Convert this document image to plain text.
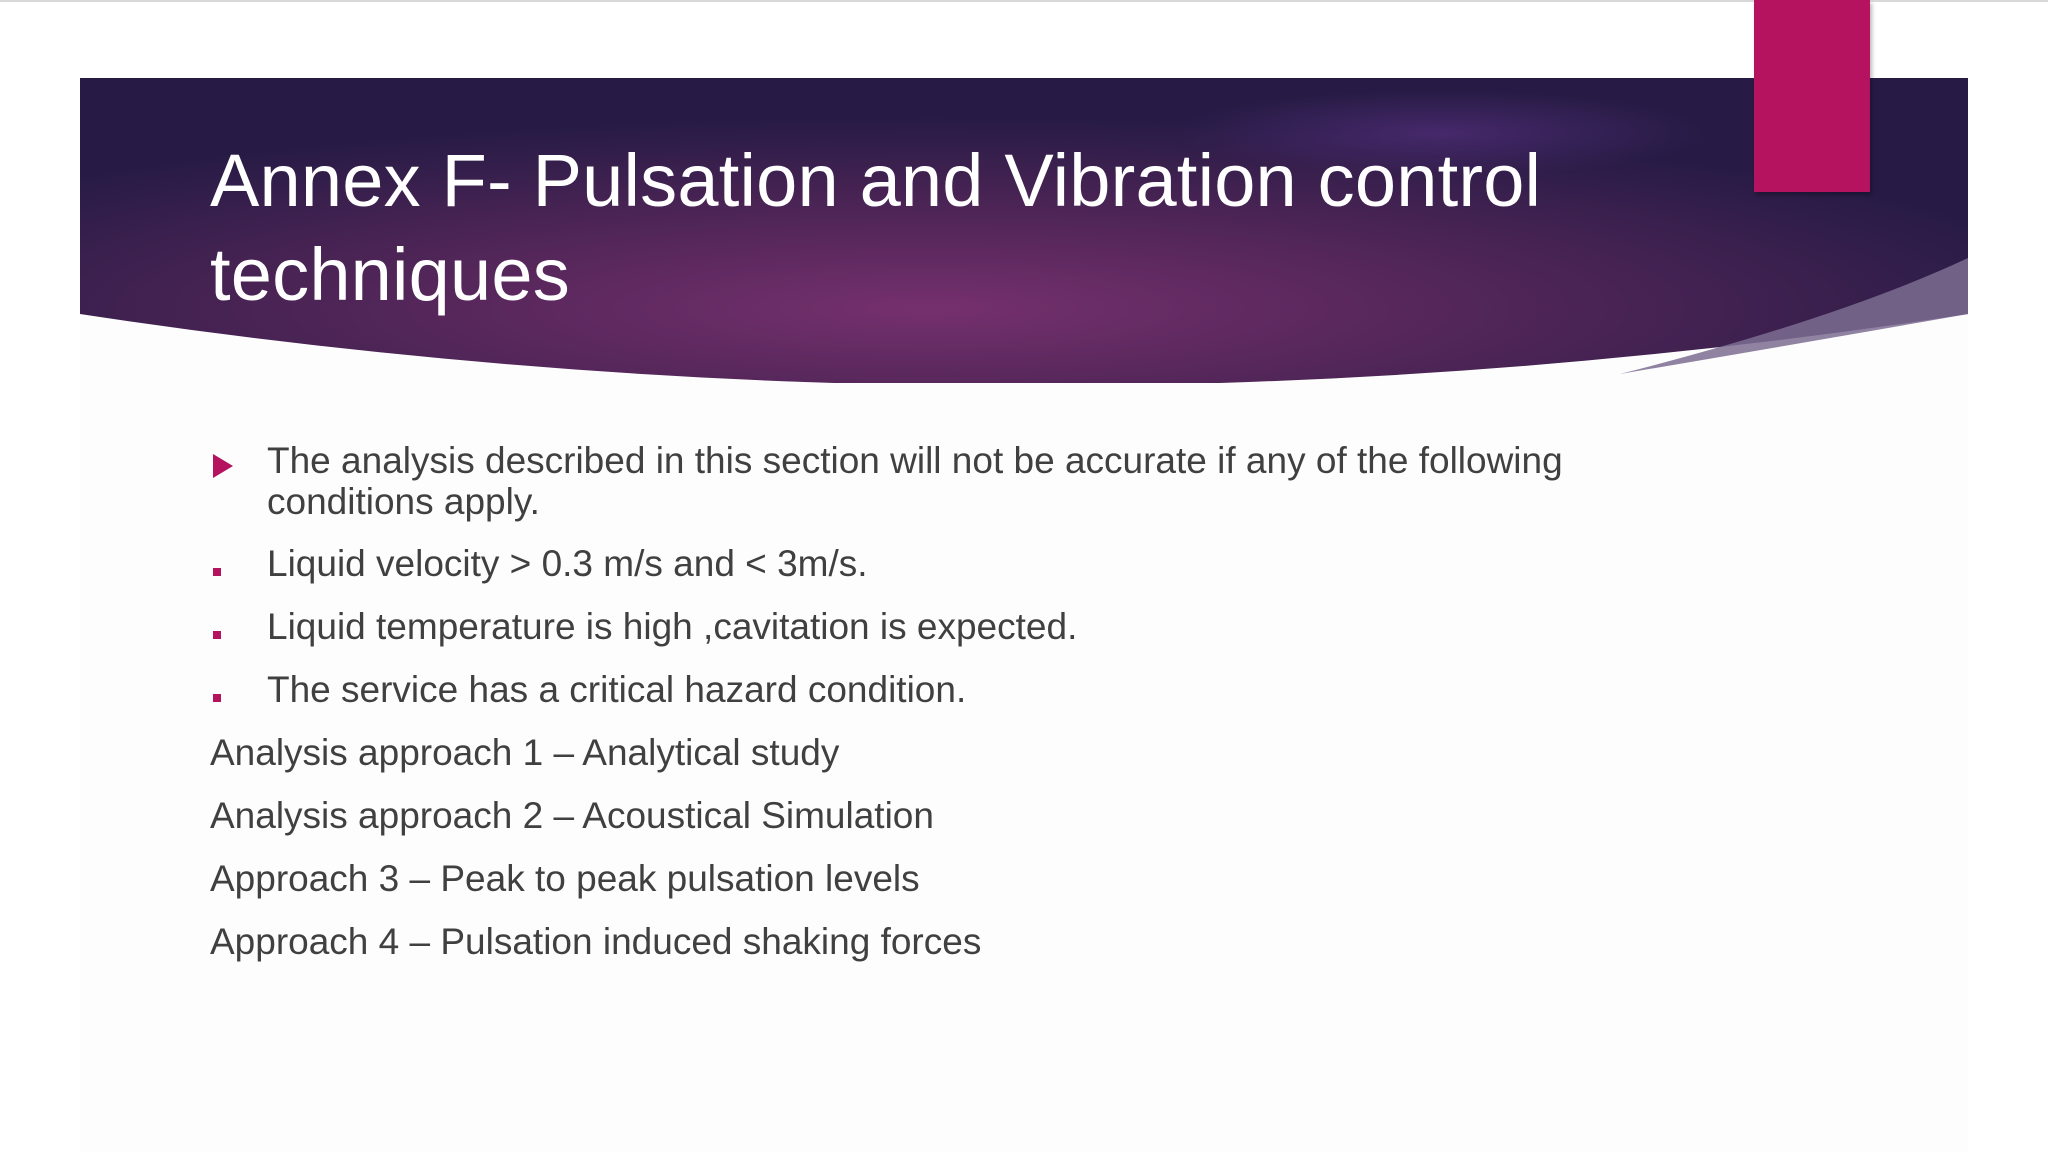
Annex F- Pulsation and Vibration control techniques
The analysis described in this section will not be accurate if any of the following conditions apply.
Liquid velocity > 0.3 m/s and < 3m/s.
Liquid temperature is high ,cavitation is expected.
The service has a critical hazard condition.
Analysis approach 1 – Analytical study
Analysis approach 2 – Acoustical Simulation
Approach 3 – Peak to peak pulsation levels
Approach 4 – Pulsation induced shaking forces
